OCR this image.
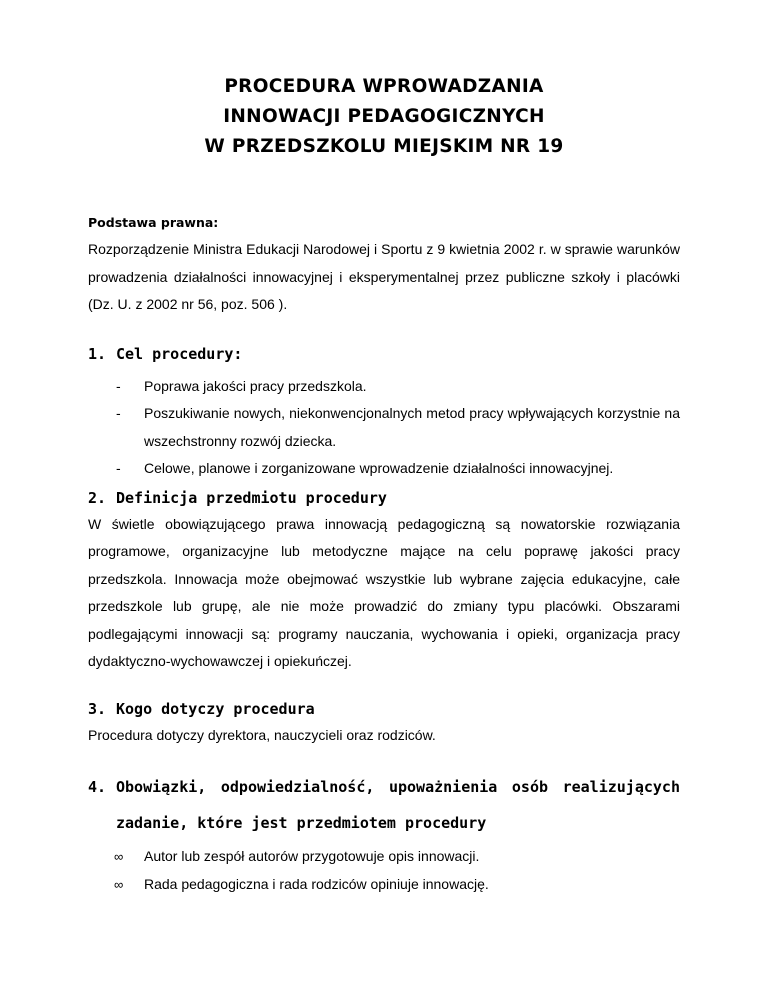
PROCEDURA WPROWADZANIA
INNOWACJI PEDAGOGICZNYCH
W PRZEDSZKOLU MIEJSKIM NR 19
Podstawa prawna:
Rozporządzenie Ministra Edukacji Narodowej i Sportu z 9 kwietnia 2002 r. w sprawie warunków prowadzenia działalności innowacyjnej i eksperymentalnej przez publiczne szkoły i placówki (Dz. U. z 2002 nr 56, poz. 506 ).
1. Cel procedury:
- Poprawa jakości pracy przedszkola.
- Poszukiwanie nowych, niekonwencjonalnych metod pracy wpływających korzystnie na wszechstronny rozwój dziecka.
- Celowe, planowe i zorganizowane wprowadzenie działalności innowacyjnej.
2. Definicja przedmiotu procedury
W świetle obowiązującego prawa innowacją pedagogiczną są nowatorskie rozwiązania programowe, organizacyjne lub metodyczne mające na celu poprawę jakości pracy przedszkola. Innowacja może obejmować wszystkie lub wybrane zajęcia edukacyjne, całe przedszkole lub grupę, ale nie może prowadzić do zmiany typu placówki. Obszarami podlegającymi innowacji są: programy nauczania, wychowania i opieki, organizacja pracy dydaktyczno-wychowawczej i opiekuńczej.
3. Kogo dotyczy procedura
Procedura dotyczy dyrektora, nauczycieli oraz rodziców.
4. Obowiązki, odpowiedzialność, upoważnienia osób realizujących
zadanie, które jest przedmiotem procedury
∞ Autor lub zespół autorów przygotowuje opis innowacji.
∞ Rada pedagogiczna i rada rodziców opiniuje innowację.
